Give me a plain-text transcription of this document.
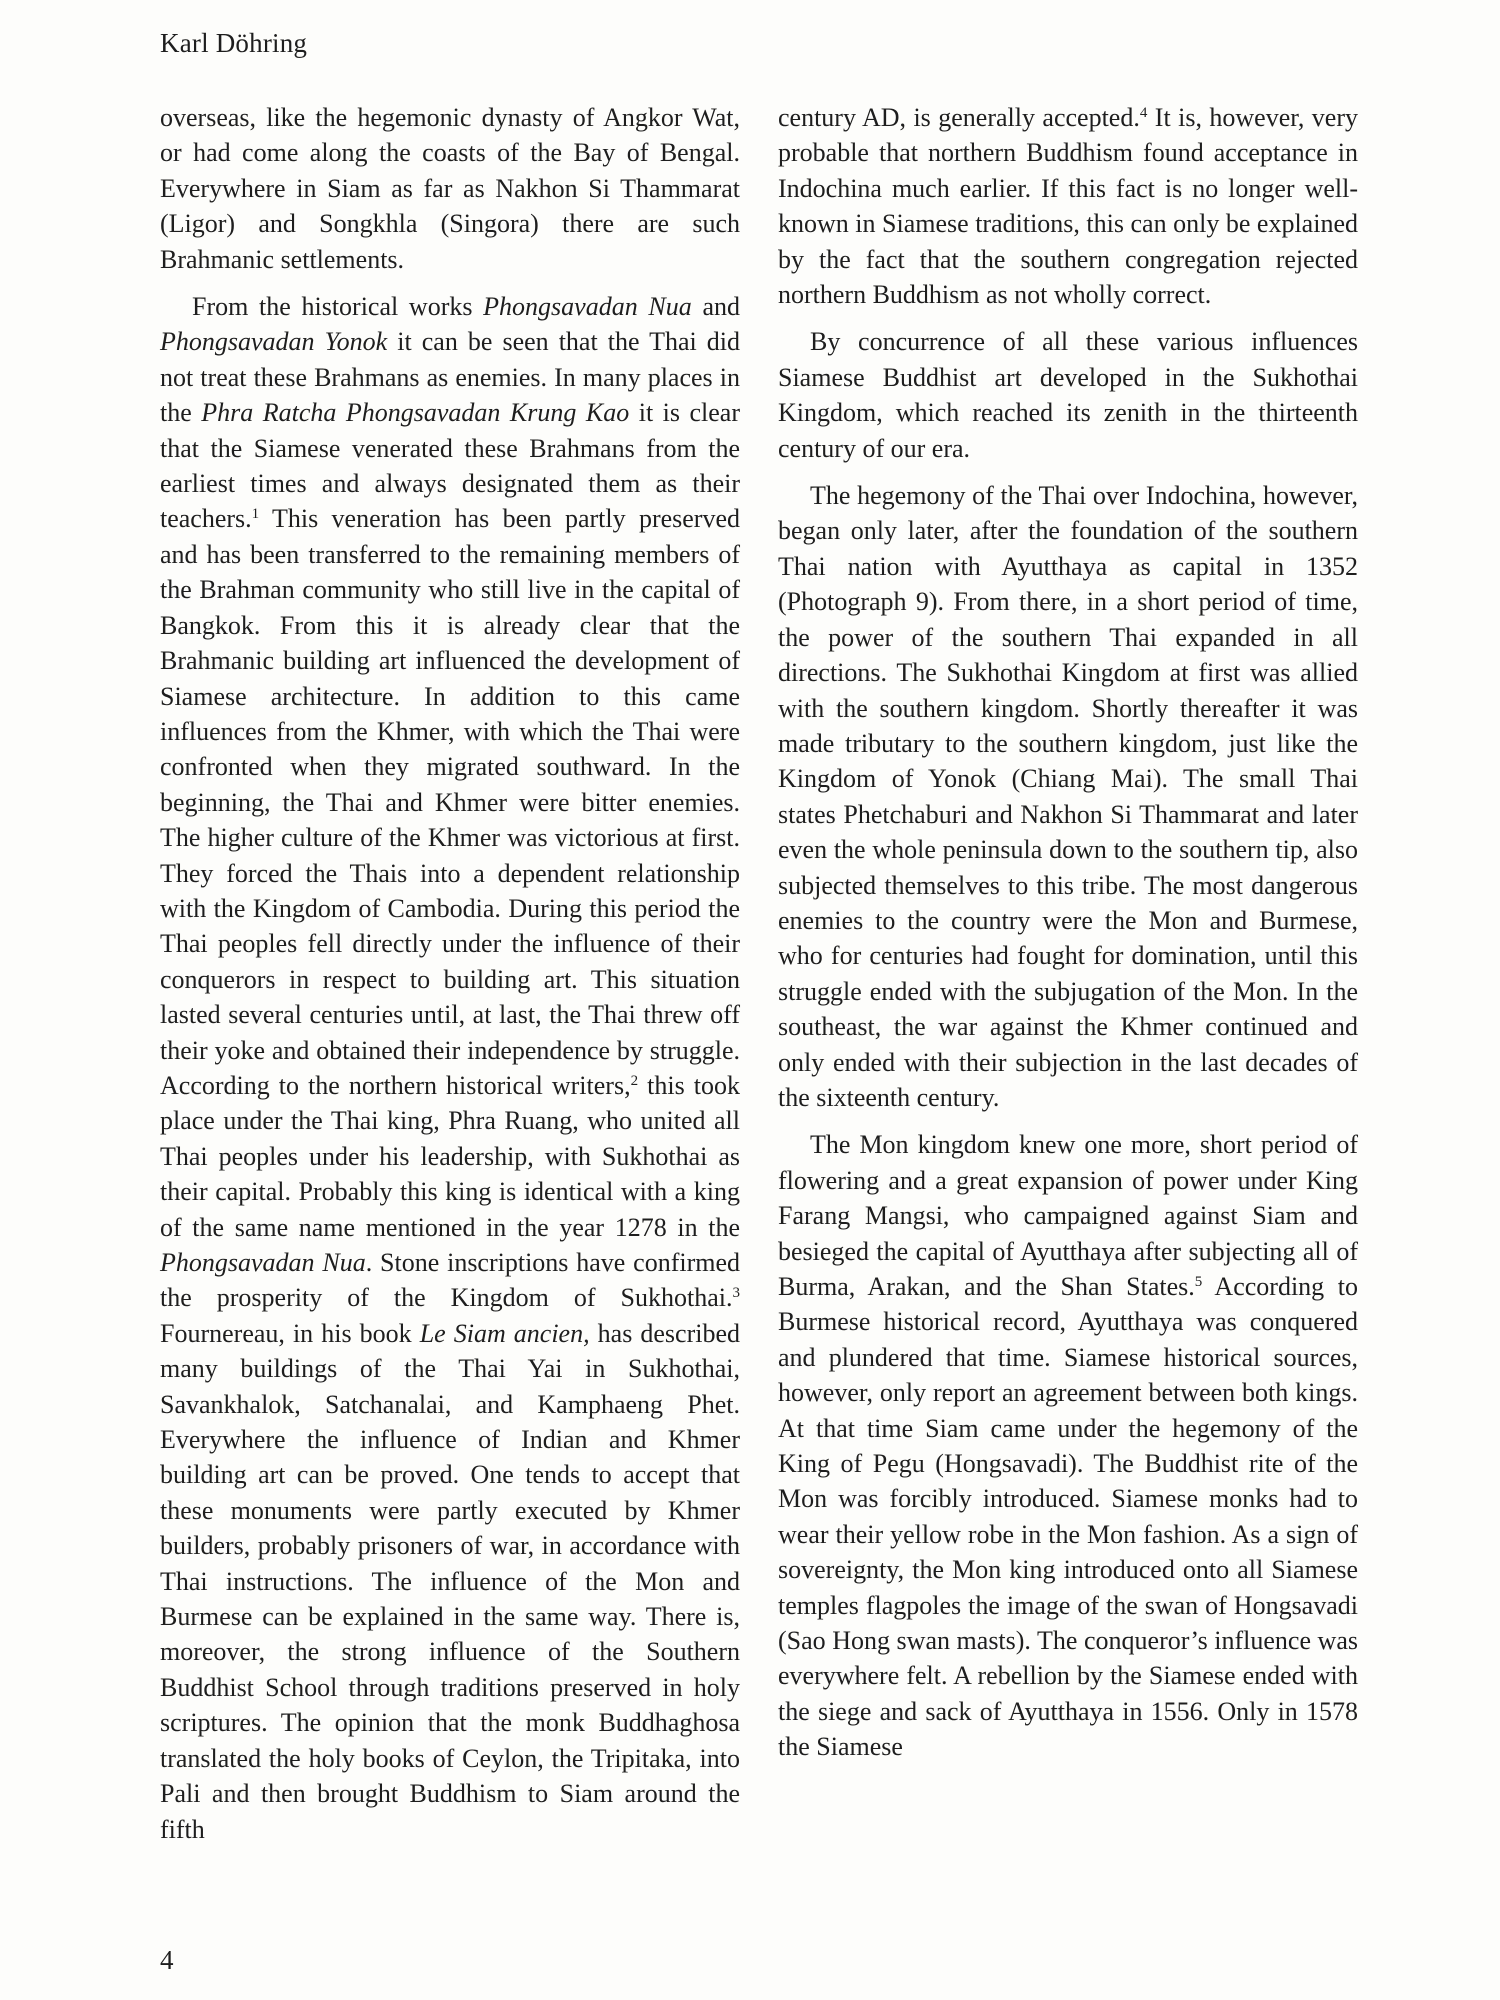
Karl Döhring

overseas, like the hegemonic dynasty of Angkor Wat, or had come along the coasts of the Bay of Bengal. Everywhere in Siam as far as Nakhon Si Thammarat (Ligor) and Songkhla (Singora) there are such Brahmanic settlements.

From the historical works Phongsavadan Nua and Phongsavadan Yonok it can be seen that the Thai did not treat these Brahmans as enemies. In many places in the Phra Ratcha Phongsavadan Krung Kao it is clear that the Siamese venerated these Brahmans from the earliest times and always designated them as their teachers.$^1$ This veneration has been partly preserved and has been transferred to the remaining members of the Brahman community who still live in the capital of Bangkok. From this it is already clear that the Brahmanic building art influenced the development of Siamese architecture. In addition to this came influences from the Khmer, with which the Thai were confronted when they migrated southward. In the beginning, the Thai and Khmer were bitter enemies. The higher culture of the Khmer was victorious at first. They forced the Thais into a dependent relationship with the Kingdom of Cambodia. During this period the Thai peoples fell directly under the influence of their conquerors in respect to building art. This situation lasted several centuries until, at last, the Thai threw off their yoke and obtained their independence by struggle. According to the northern historical writers,$^2$ this took place under the Thai king, Phra Ruang, who united all Thai peoples under his leadership, with Sukhothai as their capital. Probably this king is identical with a king of the same name mentioned in the year 1278 in the Phongsavadan Nua. Stone inscriptions have confirmed the prosperity of the Kingdom of Sukhothai.$^3$ Fournereau, in his book Le Siam ancien, has described many buildings of the Thai Yai in Sukhothai, Savankhalok, Satchanalai, and Kamphaeng Phet. Everywhere the influence of Indian and Khmer building art can be proved. One tends to accept that these monuments were partly executed by Khmer builders, probably prisoners of war, in accordance with Thai instructions. The influence of the Mon and Burmese can be explained in the same way. There is, moreover, the strong influence of the Southern Buddhist School through traditions preserved in holy scriptures. The opinion that the monk Buddhaghosa translated the holy books of Ceylon, the Tripitaka, into Pali and then brought Buddhism to Siam around the fifth

century AD, is generally accepted.$^4$ It is, however, very probable that northern Buddhism found acceptance in Indochina much earlier. If this fact is no longer well-known in Siamese traditions, this can only be explained by the fact that the southern congregation rejected northern Buddhism as not wholly correct.

By concurrence of all these various influences Siamese Buddhist art developed in the Sukhothai Kingdom, which reached its zenith in the thirteenth century of our era.

The hegemony of the Thai over Indochina, however, began only later, after the foundation of the southern Thai nation with Ayutthaya as capital in 1352 (Photograph 9). From there, in a short period of time, the power of the southern Thai expanded in all directions. The Sukhothai Kingdom at first was allied with the southern kingdom. Shortly thereafter it was made tributary to the southern kingdom, just like the Kingdom of Yonok (Chiang Mai). The small Thai states Phetchaburi and Nakhon Si Thammarat and later even the whole peninsula down to the southern tip, also subjected themselves to this tribe. The most dangerous enemies to the country were the Mon and Burmese, who for centuries had fought for domination, until this struggle ended with the subjugation of the Mon. In the southeast, the war against the Khmer continued and only ended with their subjection in the last decades of the sixteenth century.

The Mon kingdom knew one more, short period of flowering and a great expansion of power under King Farang Mangsi, who campaigned against Siam and besieged the capital of Ayutthaya after subjecting all of Burma, Arakan, and the Shan States.$^5$ According to Burmese historical record, Ayutthaya was conquered and plundered that time. Siamese historical sources, however, only report an agreement between both kings. At that time Siam came under the hegemony of the King of Pegu (Hongsavadi). The Buddhist rite of the Mon was forcibly introduced. Siamese monks had to wear their yellow robe in the Mon fashion. As a sign of sovereignty, the Mon king introduced onto all Siamese temples flagpoles the image of the swan of Hongsavadi (Sao Hong swan masts). The conqueror’s influence was everywhere felt. A rebellion by the Siamese ended with the siege and sack of Ayutthaya in 1556. Only in 1578 the Siamese

4
